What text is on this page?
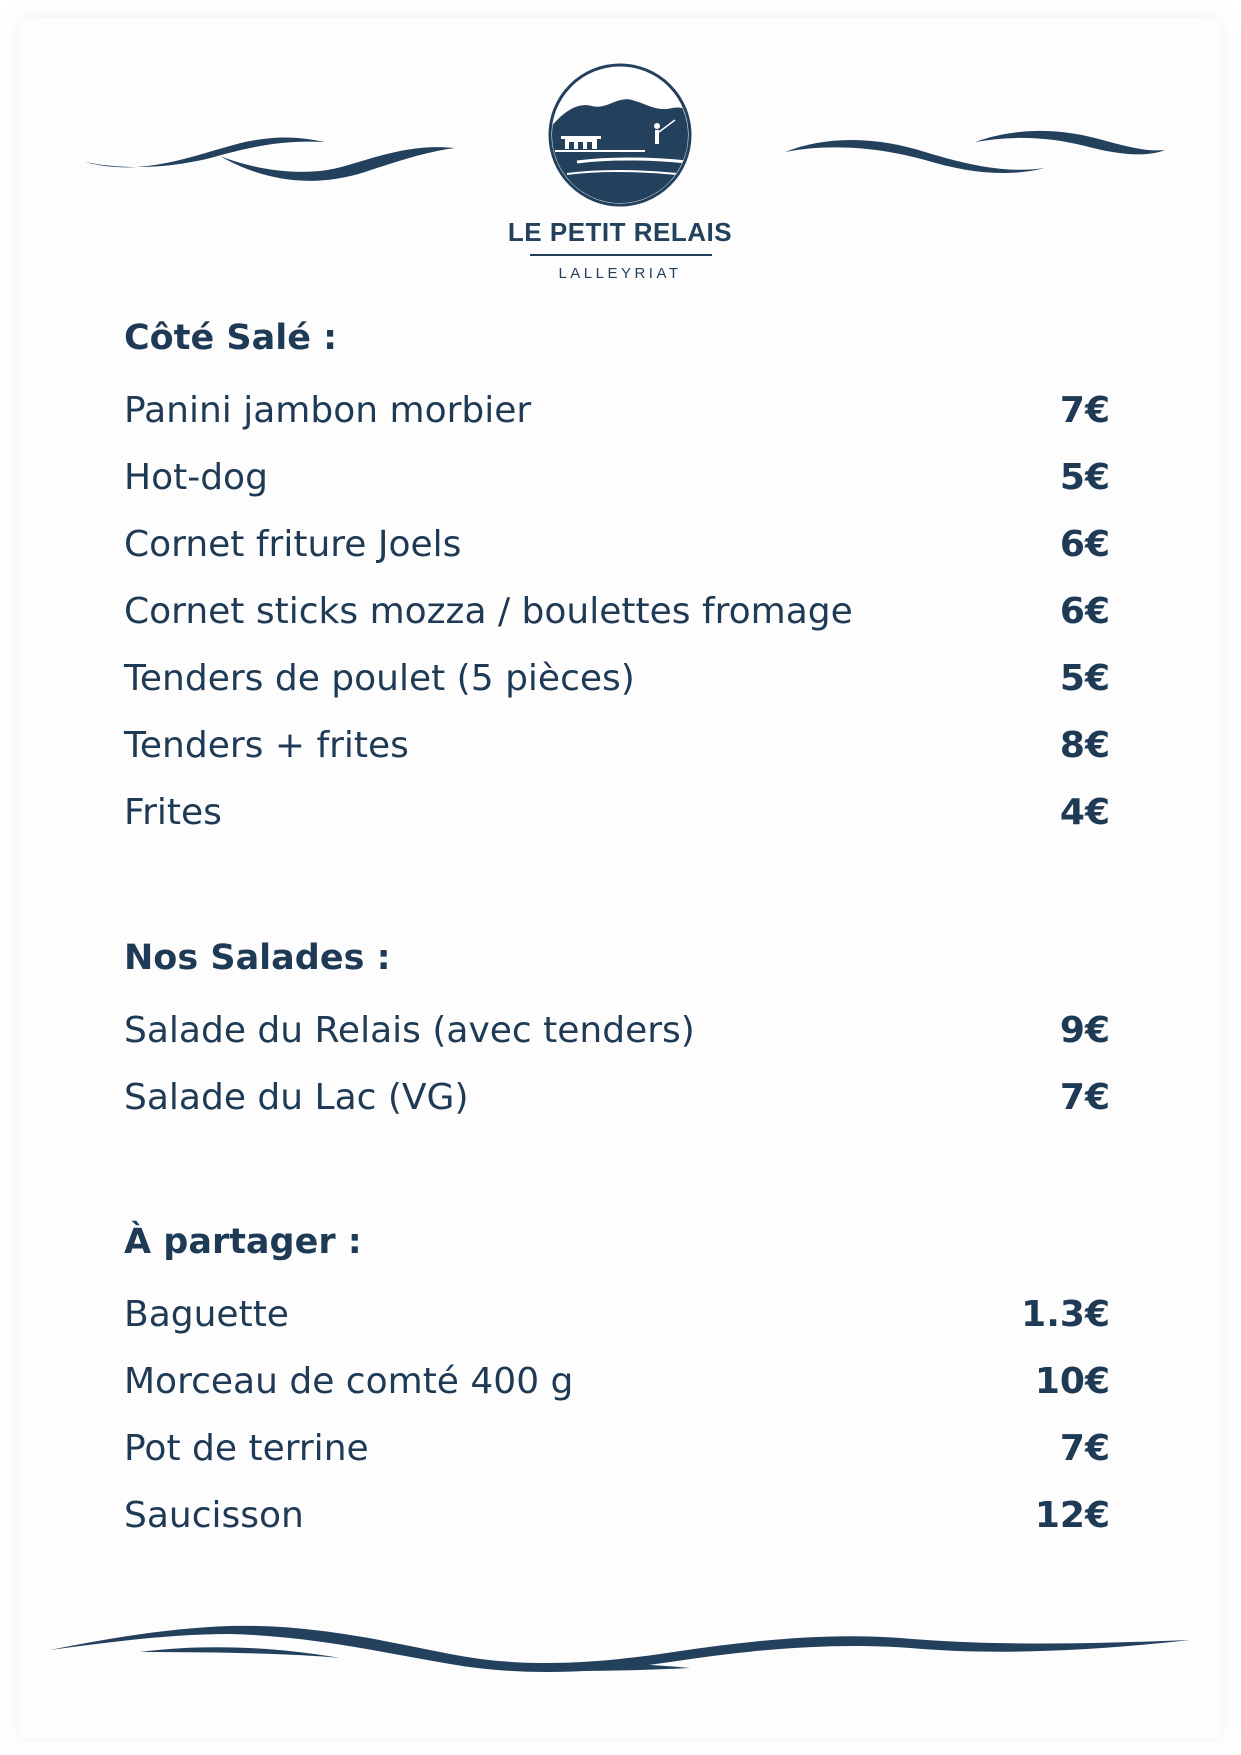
LE PETIT RELAIS
LALLEYRIAT
Côté Salé :
Panini jambon morbier	7€
Hot-dog	5€
Cornet friture Joels	6€
Cornet sticks mozza / boulettes fromage	6€
Tenders de poulet (5 pièces)	5€
Tenders + frites	8€
Frites	4€
Nos Salades :
Salade du Relais (avec tenders)	9€
Salade du Lac (VG)	7€
À partager :
Baguette	1.3€
Morceau de comté 400 g	10€
Pot de terrine	7€
Saucisson	12€
